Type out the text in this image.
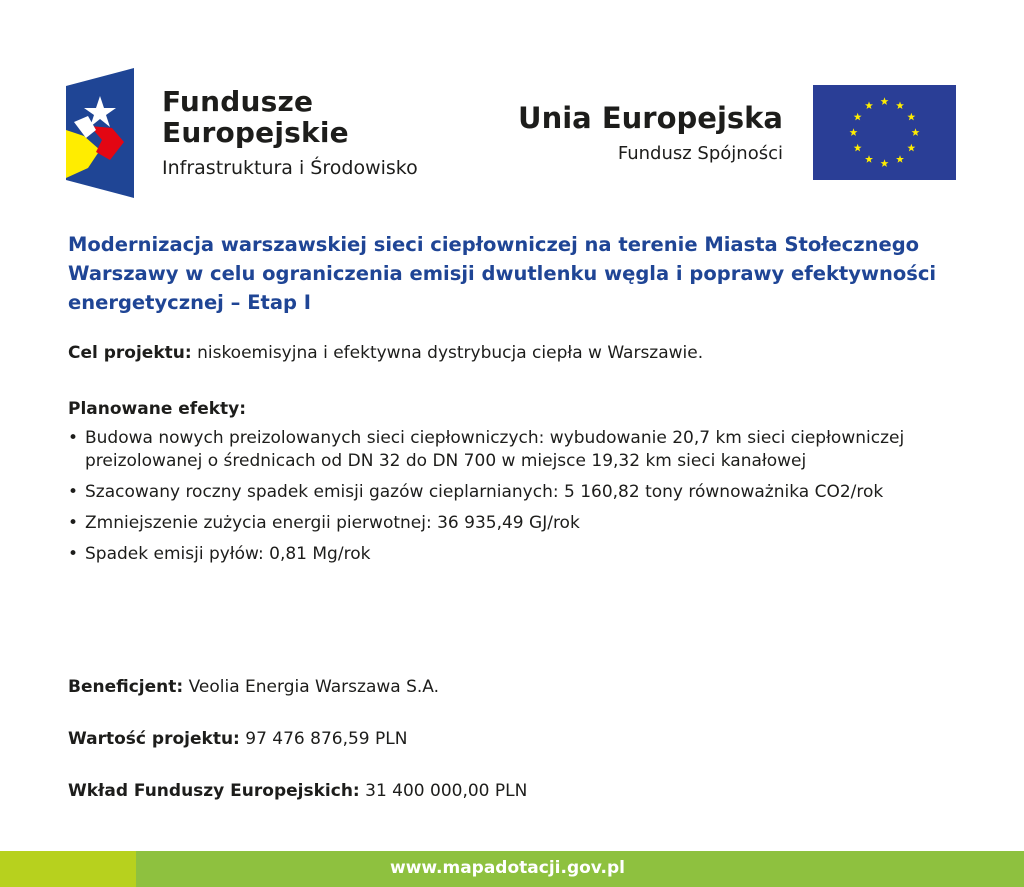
Fundusze
Europejskie
Infrastruktura i Środowisko
Unia Europejska
Fundusz Spójności
Modernizacja warszawskiej sieci ciepłowniczej na terenie Miasta Stołecznego Warszawy w celu ograniczenia emisji dwutlenku węgla i poprawy efektywności energetycznej – Etap I

Cel projektu: niskoemisyjna i efektywna dystrybucja ciepła w Warszawie.

Planowane efekty:
• Budowa nowych preizolowanych sieci ciepłowniczych: wybudowanie 20,7 km sieci ciepłowniczej preizolowanej o średnicach od DN 32 do DN 700 w miejsce 19,32 km sieci kanałowej
• Szacowany roczny spadek emisji gazów cieplarnianych: 5 160,82 tony równoważnika CO2/rok
• Zmniejszenie zużycia energii pierwotnej: 36 935,49 GJ/rok
• Spadek emisji pyłów: 0,81 Mg/rok

Beneficjent: Veolia Energia Warszawa S.A.

Wartość projektu: 97 476 876,59 PLN

Wkład Funduszy Europejskich: 31 400 000,00 PLN

www.mapadotacji.gov.pl
